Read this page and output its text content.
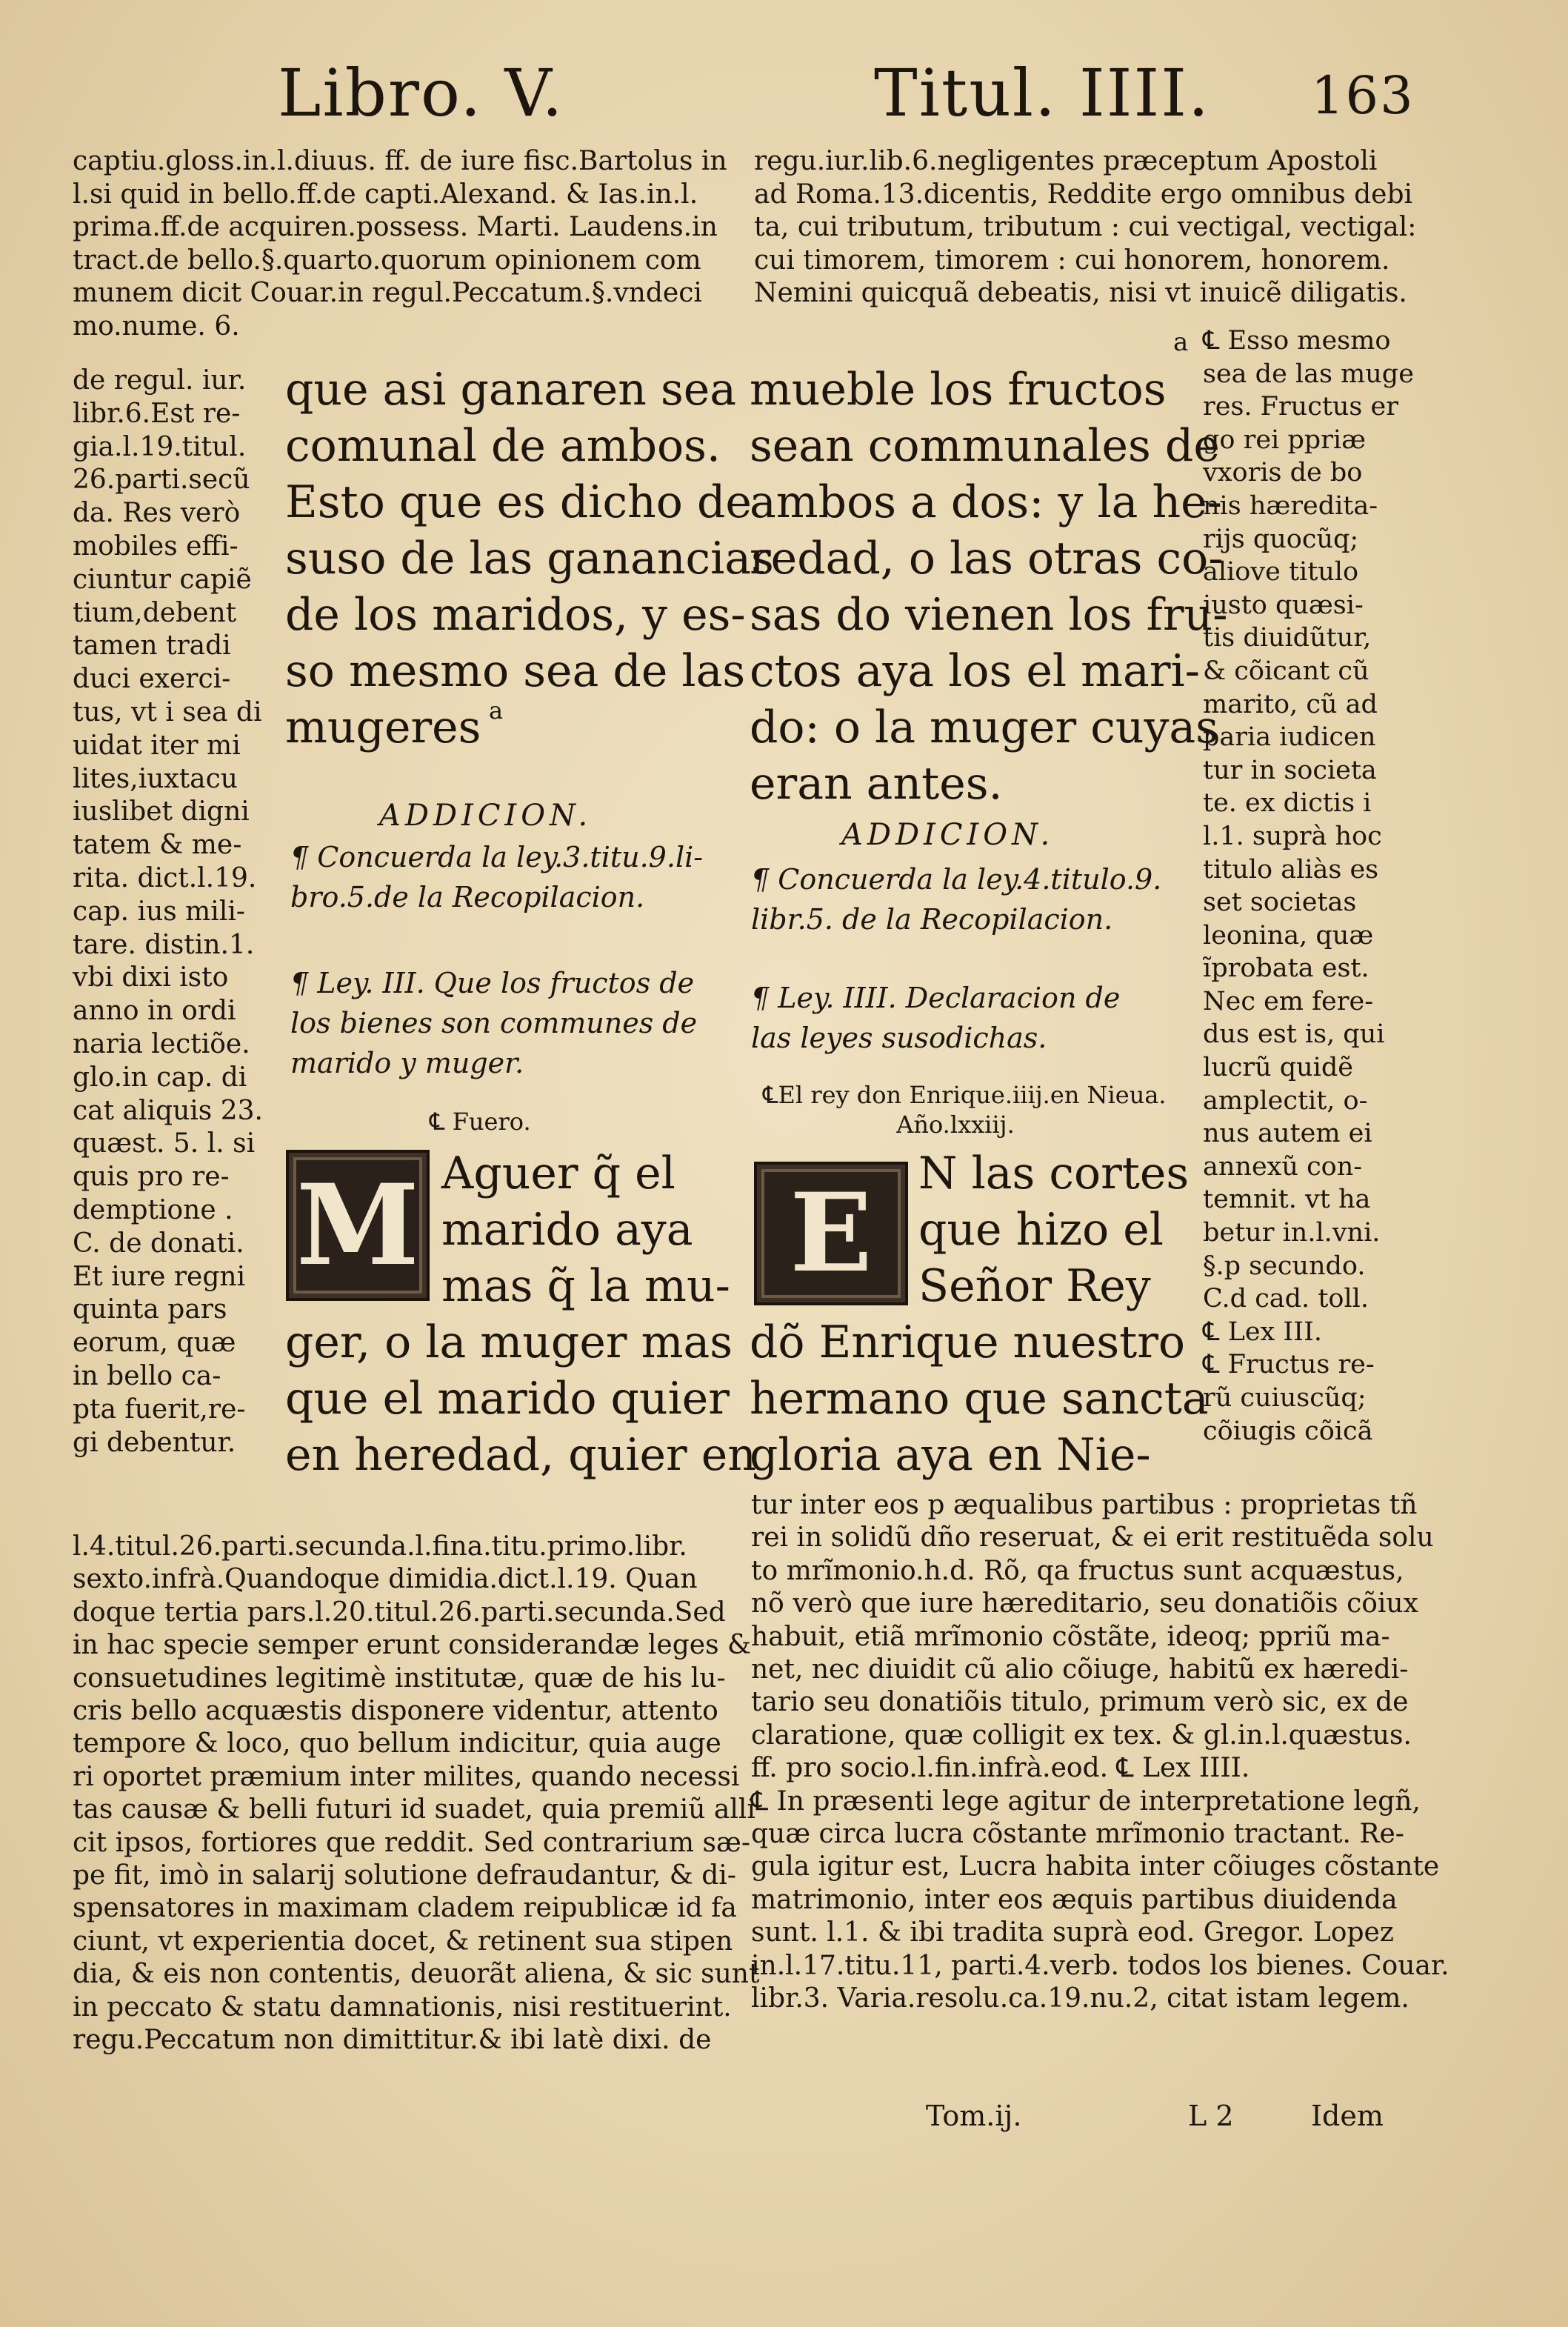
Libro. V.	Titul. IIII. 163
captiu.gloss.in.l.diuus. ff. de iure fisc.Bartolus in
l.si quid in bello.ff.de capti.Alexand. & Ias.in.l.
prima.ff.de acquiren.possess. Marti. Laudens.in
tract.de bello.§.quarto.quorum opinionem com
munem dicit Couar.in regul.Peccatum.§.vndeci
mo.nume. 6.
de regul. iur.
libr.6.Est re-
gia.l.19.titul.
26.parti.secũ
da. Res verò
mobiles effi-
ciuntur capiẽ
tium,debent
tamen tradi
duci exerci-
tus, vt i sea di
uidat iter mi
lites,iuxtacu
iuslibet digni
tatem & me-
rita. dict.l.19.
cap. ius mili-
tare. distin.1.
vbi dixi isto
anno in ordi
naria lectiõe.
glo.in cap. di
cat aliquis 23.
quæst. 5. l. si
quis pro re-
demptione .
C. de donati.
Et iure regni
quinta pars
eorum, quæ
in bello ca-
pta fuerit,re-
gi debentur.
que asi ganaren sea
comunal de ambos.
Esto que es dicho de
suso de las ganancias
de los maridos, y es-
so mesmo sea de las
mugeres a
ADDICION.
¶ Concuerda la ley.3.titu.9.li-
bro.5.de la Recopilacion.
¶ Ley. III. Que los fructos de
los bienes son communes de
marido y muger.
℄ Fuero.
M Aguer q̃ el
marido aya
mas q̃ la mu-
ger, o la muger mas
que el marido quier
en heredad, quier en
l.4.titul.26.parti.secunda.l.fina.titu.primo.libr.
sexto.infrà.Quandoque dimidia.dict.l.19. Quan
doque tertia pars.l.20.titul.26.parti.secunda.Sed
in hac specie semper erunt considerandæ leges &
consuetudines legitimè institutæ, quæ de his lu-
cris bello acquæstis disponere videntur, attento
tempore & loco, quo bellum indicitur, quia auge
ri oportet præmium inter milites, quando necessi
tas causæ & belli futuri id suadet, quia premiũ alli
cit ipsos, fortiores que reddit. Sed contrarium sæ-
pe fit, imò in salarij solutione defraudantur, & di-
spensatores in maximam cladem reipublicæ id fa
ciunt, vt experientia docet, & retinent sua stipen
dia, & eis non contentis, deuorãt aliena, & sic sunt
in peccato & statu damnationis, nisi restituerint.
regu.Peccatum non dimittitur.& ibi latè dixi. de
regu.iur.lib.6.negligentes præceptum Apostoli
ad Roma.13.dicentis, Reddite ergo omnibus debi
ta, cui tributum, tributum : cui vectigal, vectigal:
cui timorem, timorem : cui honorem, honorem.
Nemini quicquã debeatis, nisi vt inuicẽ diligatis.
mueble los fructos
sean communales de
ambos a dos: y la he-
redad, o las otras co-
sas do vienen los fru-
ctos aya los el mari-
do: o la muger cuyas
eran antes.
ADDICION.
¶ Concuerda la ley.4.titulo.9.
libr.5. de la Recopilacion.
¶ Ley. IIII. Declaracion de
las leyes susodichas.
℄El rey don Enrique.iiij.en Nieua.
Año.lxxiij.
E	N las cortes
que hizo el
Señor Rey
dõ Enrique nuestro
hermano que sancta
gloria aya en Nie-
a ℄ Esso mesmo
sea de las muge
res. Fructus er
go rei ppriæ
vxoris de bo
nis hæredita-
rijs quocũq;
aliove titulo
iusto quæsi-
tis diuidũtur,
& cõicant cũ
marito, cũ ad
paria iudicen
tur in societa
te. ex dictis i
l.1. suprà hoc
titulo aliàs es
set societas
leonina, quæ
ĩprobata est.
Nec em fere-
dus est is, qui
lucrũ quidẽ
amplectit, o-
nus autem ei
annexũ con-
temnit. vt ha
betur in.l.vni.
§.p secundo.
C.d cad. toll.
℄ Lex III.
℄ Fructus re-
rũ cuiuscũq;
cõiugis cõicã
tur inter eos p æqualibus partibus : proprietas tñ
rei in solidũ dño reseruat, & ei erit restituẽda solu
to mrĩmonio.h.d. Rõ, qa fructus sunt acquæstus,
nõ verò que iure hæreditario, seu donatiõis cõiux
habuit, etiã mrĩmonio cõstãte, ideoq; ppriũ ma-
net, nec diuidit cũ alio cõiuge, habitũ ex hæredi-
tario seu donatiõis titulo, primum verò sic, ex de
claratione, quæ colligit ex tex. & gl.in.l.quæstus.
ff. pro socio.l.fin.infrà.eod. ℄ Lex IIII.
℄ In præsenti lege agitur de interpretatione legñ,
quæ circa lucra cõstante mrĩmonio tractant. Re-
gula igitur est, Lucra habita inter cõiuges cõstante
matrimonio, inter eos æquis partibus diuidenda
sunt. l.1. & ibi tradita suprà eod. Gregor. Lopez
in.l.17.titu.11, parti.4.verb. todos los bienes. Couar.
libr.3. Varia.resolu.ca.19.nu.2, citat istam legem.
Tom.ij.	L 2	Idem
